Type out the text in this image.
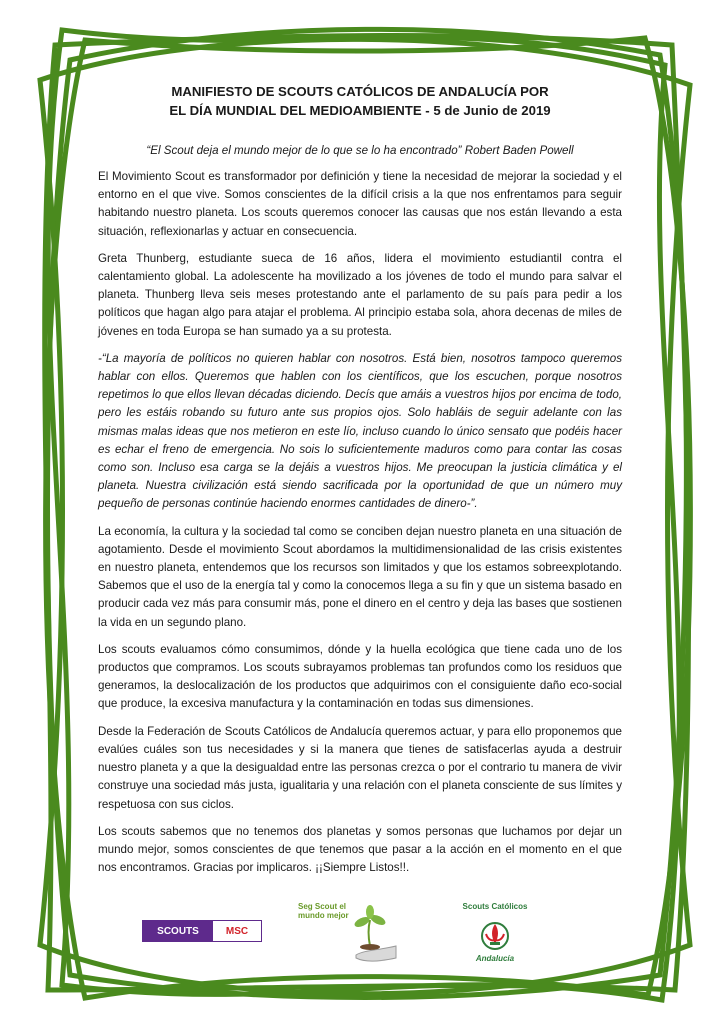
MANIFIESTO DE SCOUTS CATÓLICOS DE ANDALUCÍA POR
EL DÍA MUNDIAL DEL MEDIOAMBIENTE - 5 de Junio de 2019
“El Scout deja el mundo mejor de lo que se lo ha encontrado” Robert Baden Powell

El Movimiento Scout es transformador por definición y tiene la necesidad de mejorar la sociedad y el entorno en el que vive. Somos conscientes de la difícil crisis a la que nos enfrentamos para seguir habitando nuestro planeta. Los scouts queremos conocer las causas que nos están llevando a esta situación, reflexionarlas y actuar en consecuencia.

Greta Thunberg, estudiante sueca de 16 años, lidera el movimiento estudiantil contra el calentamiento global. La adolescente ha movilizado a los jóvenes de todo el mundo para salvar el planeta. Thunberg lleva seis meses protestando ante el parlamento de su país para pedir a los políticos que hagan algo para atajar el problema. Al principio estaba sola, ahora decenas de miles de jóvenes en toda Europa se han sumado ya a su protesta.

-“La mayoría de políticos no quieren hablar con nosotros. Está bien, nosotros tampoco queremos hablar con ellos. Queremos que hablen con los científicos, que los escuchen, porque nosotros repetimos lo que ellos llevan décadas diciendo. Decís que amáis a vuestros hijos por encima de todo, pero les estáis robando su futuro ante sus propios ojos. Solo habláis de seguir adelante con las mismas malas ideas que nos metieron en este lío, incluso cuando lo único sensato que podéis hacer es echar el freno de emergencia. No sois lo suficientemente maduros como para contar las cosas como son. Incluso esa carga se la dejáis a vuestros hijos. Me preocupan la justicia climática y el planeta. Nuestra civilización está siendo sacrificada por la oportunidad de que un número muy pequeño de personas continúe haciendo enormes cantidades de dinero-”.

La economía, la cultura y la sociedad tal como se conciben dejan nuestro planeta en una situación de agotamiento. Desde el movimiento Scout abordamos la multidimensionalidad de las crisis existentes en nuestro planeta, entendemos que los recursos son limitados y que los estamos sobreexplotando. Sabemos que el uso de la energía tal y como la conocemos llega a su fin y que un sistema basado en producir cada vez más para consumir más, pone el dinero en el centro y deja las bases que sostienen la vida en un segundo plano.

Los scouts evaluamos cómo consumimos, dónde y la huella ecológica que tiene cada uno de los productos que compramos. Los scouts subrayamos problemas tan profundos como los residuos que generamos, la deslocalización de los productos que adquirimos con el consiguiente daño eco-social que produce, la excesiva manufactura y la contaminación en todas sus dimensiones.

Desde la Federación de Scouts Católicos de Andalucía queremos actuar, y para ello proponemos que evalúes cuáles son tus necesidades y si la manera que tienes de satisfacerlas ayuda a destruir nuestro planeta y a que la desigualdad entre las personas crezca o por el contrario tu manera de vivir construye una sociedad más justa, igualitaria y una relación con el planeta consciente de sus límites y respetuosa con sus ciclos.

Los scouts sabemos que no tenemos dos planetas y somos personas que luchamos por dejar un mundo mejor, somos conscientes de que tenemos que pasar a la acción en el momento en el que nos encontramos. Gracias por implicaros. ¡¡Siempre Listos!!.

SCOUTS	MSC
Seg Scout el mundo mejor
Scouts Católicos
Andalucía
